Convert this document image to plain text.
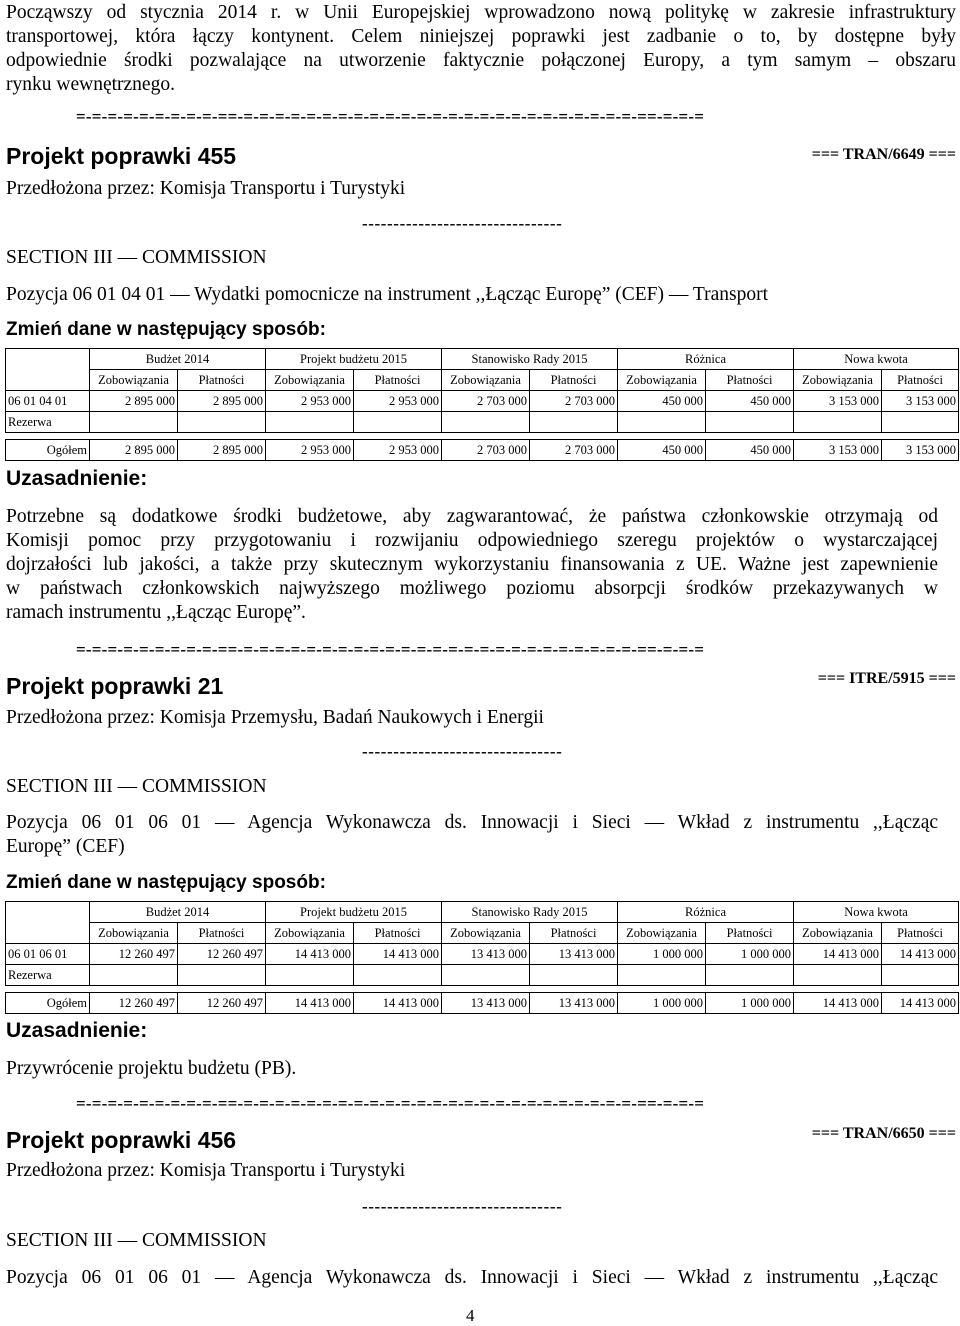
Począwszy od stycznia 2014 r. w Unii Europejskiej wprowadzono nową politykę w zakresie infrastruktury
transportowej, która łączy kontynent. Celem niniejszej poprawki jest zadbanie o to, by dostępne były
odpowiednie środki pozwalające na utworzenie faktycznie połączonej Europy, a tym samym – obszaru
rynku wewnętrznego.
=-=-=-=-=-=-=-=-=-==-=-=-=-=-=-=-=-=-=-=-=-=-=-=-=-=-=-=-=-=-=-=-=-=-=-==-=-=-=
Projekt poprawki 455	=== TRAN/6649 ===
Przedłożona przez: Komisja Transportu i Turystyki
--------------------------------
SECTION III — COMMISSION
Pozycja 06 01 04 01 — Wydatki pomocnicze na instrument ,,Łącząc Europę” (CEF) — Transport
Zmień dane w następujący sposób:
	Budżet 2014		Projekt budżetu 2015		Stanowisko Rady 2015		Różnica		Nowa kwota	
	Zobowiązania	Płatności	Zobowiązania	Płatności	Zobowiązania	Płatności	Zobowiązania	Płatności	Zobowiązania	Płatności
06 01 04 01	2 895 000	2 895 000	2 953 000	2 953 000	2 703 000	2 703 000	450 000	450 000	3 153 000	3 153 000
Rezerwa										

Ogółem	2 895 000	2 895 000	2 953 000	2 953 000	2 703 000	2 703 000	450 000	450 000	3 153 000	3 153 000
Uzasadnienie:
Potrzebne są dodatkowe środki budżetowe, aby zagwarantować, że państwa członkowskie otrzymają od
Komisji pomoc przy przygotowaniu i rozwijaniu odpowiedniego szeregu projektów o wystarczającej
dojrzałości lub jakości, a także przy skutecznym wykorzystaniu finansowania z UE. Ważne jest zapewnienie
w państwach członkowskich najwyższego możliwego poziomu absorpcji środków przekazywanych w
ramach instrumentu ,,Łącząc Europę”.
=-=-=-=-=-=-=-=-=-==-=-=-=-=-=-=-=-=-=-=-=-=-=-=-=-=-=-=-=-=-=-=-=-=-=-==-=-=-=
Projekt poprawki 21	=== ITRE/5915 ===
Przedłożona przez: Komisja Przemysłu, Badań Naukowych i Energii
--------------------------------
SECTION III — COMMISSION
Pozycja 06 01 06 01 — Agencja Wykonawcza ds. Innowacji i Sieci — Wkład z instrumentu ,,Łącząc
Europę” (CEF)
Zmień dane w następujący sposób:
	Budżet 2014		Projekt budżetu 2015		Stanowisko Rady 2015		Różnica		Nowa kwota	
	Zobowiązania	Płatności	Zobowiązania	Płatności	Zobowiązania	Płatności	Zobowiązania	Płatności	Zobowiązania	Płatności
06 01 06 01	12 260 497	12 260 497	14 413 000	14 413 000	13 413 000	13 413 000	1 000 000	1 000 000	14 413 000	14 413 000
Rezerwa										

Ogółem	12 260 497	12 260 497	14 413 000	14 413 000	13 413 000	13 413 000	1 000 000	1 000 000	14 413 000	14 413 000
Uzasadnienie:
Przywrócenie projektu budżetu (PB).
=-=-=-=-=-=-=-=-=-==-=-=-=-=-=-=-=-=-=-=-=-=-=-=-=-=-=-=-=-=-=-=-=-=-=-==-=-=-=
Projekt poprawki 456	=== TRAN/6650 ===
Przedłożona przez: Komisja Transportu i Turystyki
--------------------------------
SECTION III — COMMISSION
Pozycja 06 01 06 01 — Agencja Wykonawcza ds. Innowacji i Sieci — Wkład z instrumentu ,,Łącząc
4
